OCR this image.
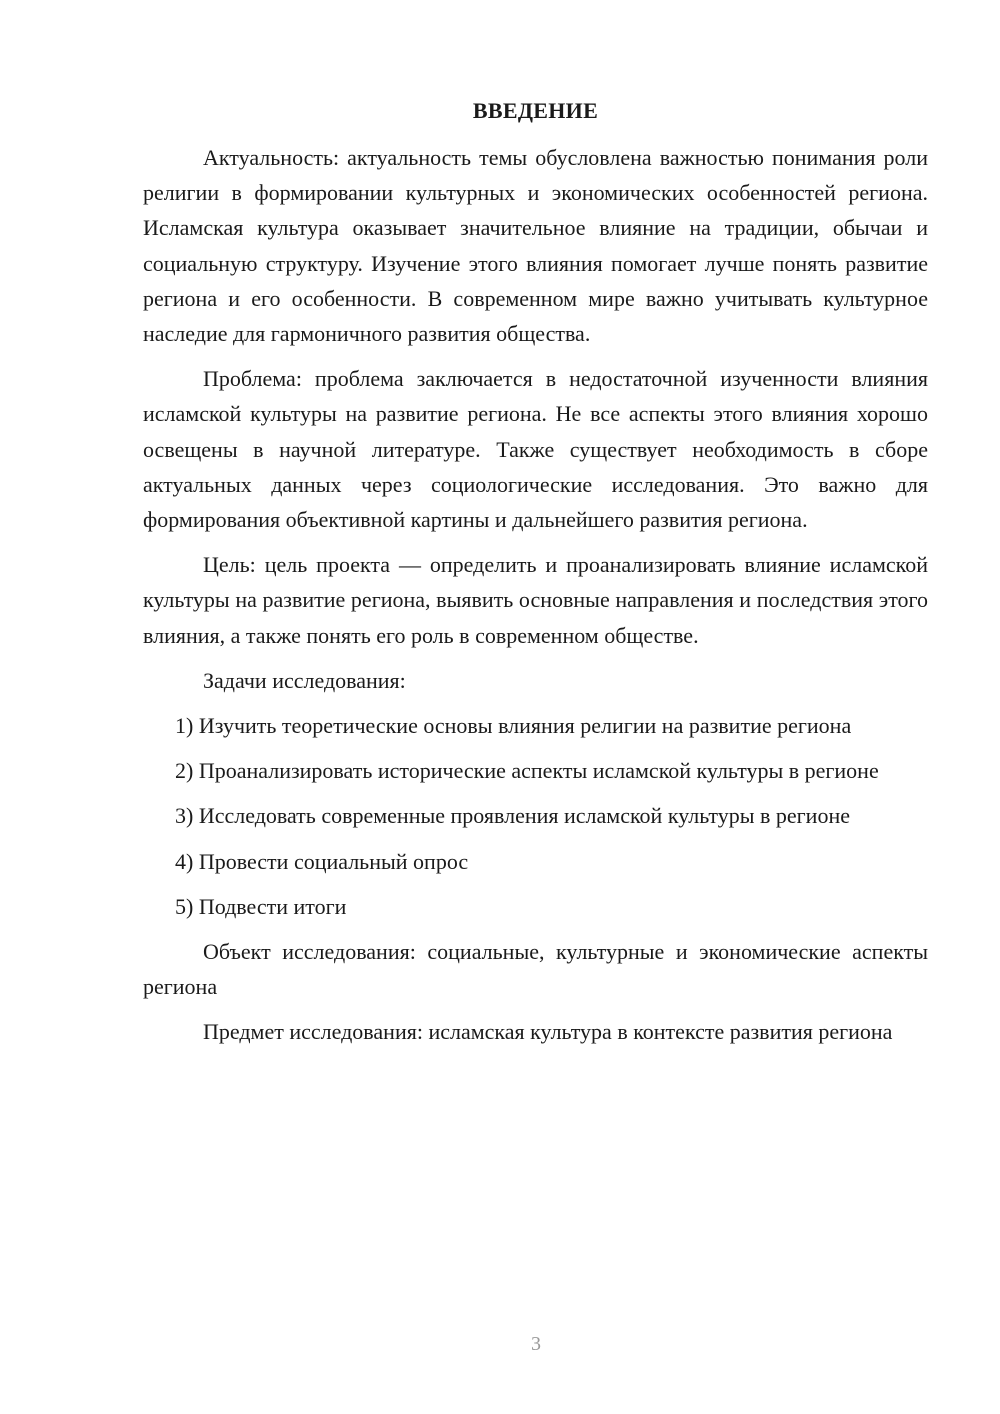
ВВЕДЕНИЕ

Актуальность: актуальность темы обусловлена важностью понимания роли религии в формировании культурных и экономических особенностей региона. Исламская культура оказывает значительное влияние на традиции, обычаи и социальную структуру. Изучение этого влияния помогает лучше понять развитие региона и его особенности. В современном мире важно учитывать культурное наследие для гармоничного развития общества.

Проблема: проблема заключается в недостаточной изученности влияния исламской культуры на развитие региона. Не все аспекты этого влияния хорошо освещены в научной литературе. Также существует необходимость в сборе актуальных данных через социологические исследования. Это важно для формирования объективной картины и дальнейшего развития региона.

Цель: цель проекта — определить и проанализировать влияние исламской культуры на развитие региона, выявить основные направления и последствия этого влияния, а также понять его роль в современном обществе.

Задачи исследования:

1) Изучить теоретические основы влияния религии на развитие региона

2) Проанализировать исторические аспекты исламской культуры в регионе

3) Исследовать современные проявления исламской культуры в регионе

4) Провести социальный опрос

5) Подвести итоги

Объект исследования: социальные, культурные и экономические аспекты региона

Предмет исследования: исламская культура в контексте развития региона

3
